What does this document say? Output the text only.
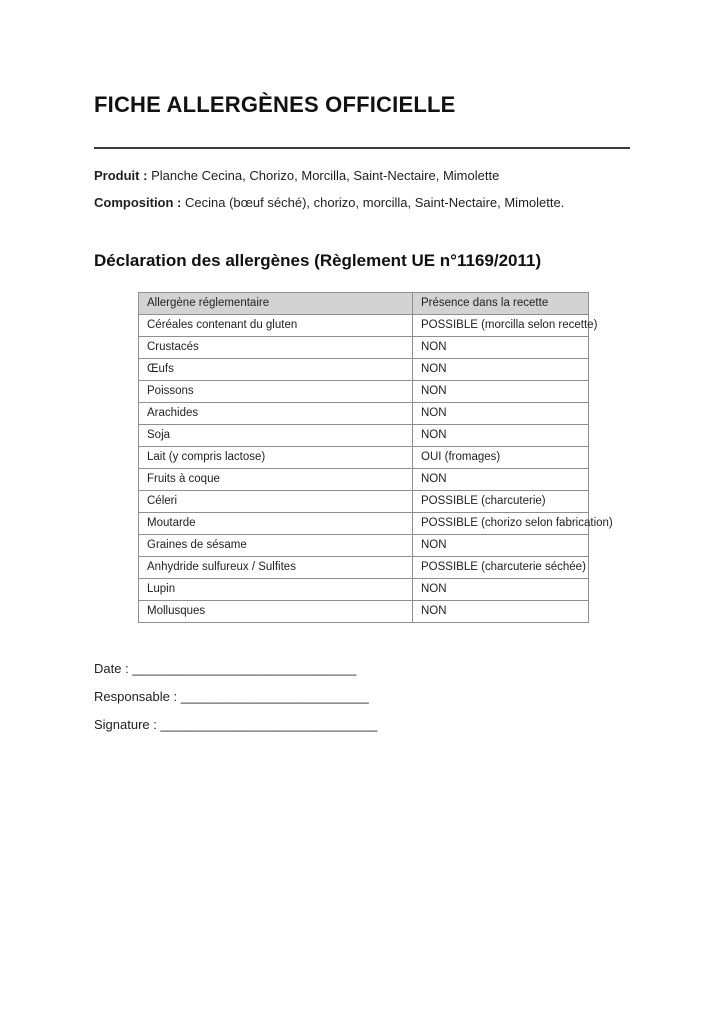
FICHE ALLERGÈNES OFFICIELLE

Produit : Planche Cecina, Chorizo, Morcilla, Saint-Nectaire, Mimolette

Composition : Cecina (bœuf séché), chorizo, morcilla, Saint-Nectaire, Mimolette.

Déclaration des allergènes (Règlement UE n°1169/2011)
Allergène réglementaire	Présence dans la recette
Céréales contenant du gluten	POSSIBLE (morcilla selon recette)
Crustacés	NON
Œufs	NON
Poissons	NON
Arachides	NON
Soja	NON
Lait (y compris lactose)	OUI (fromages)
Fruits à coque	NON
Céleri	POSSIBLE (charcuterie)
Moutarde	POSSIBLE (chorizo selon fabrication)
Graines de sésame	NON
Anhydride sulfureux / Sulfites	POSSIBLE (charcuterie séchée)
Lupin	NON
Mollusques	NON

Date : _______________________________

Responsable : __________________________

Signature : ______________________________
